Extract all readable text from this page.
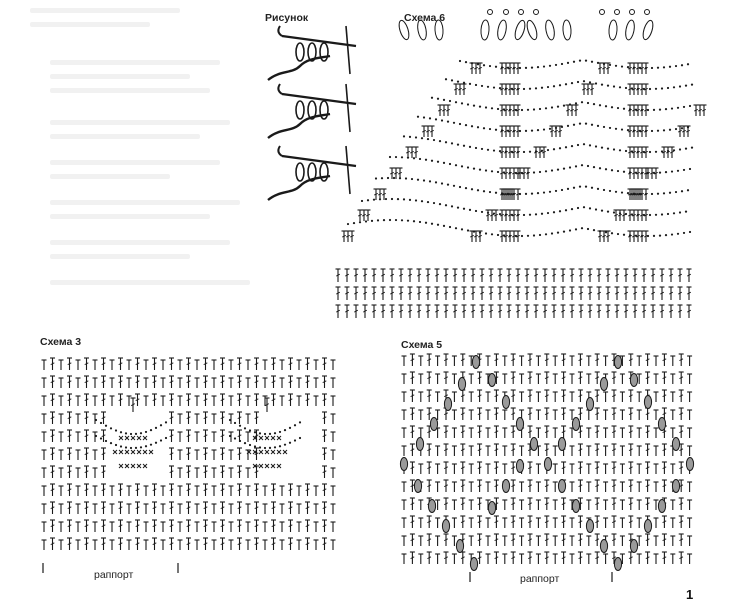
Рисунок	Схема 6
Схема 3	Схема 5
раппорт	раппорт
1
